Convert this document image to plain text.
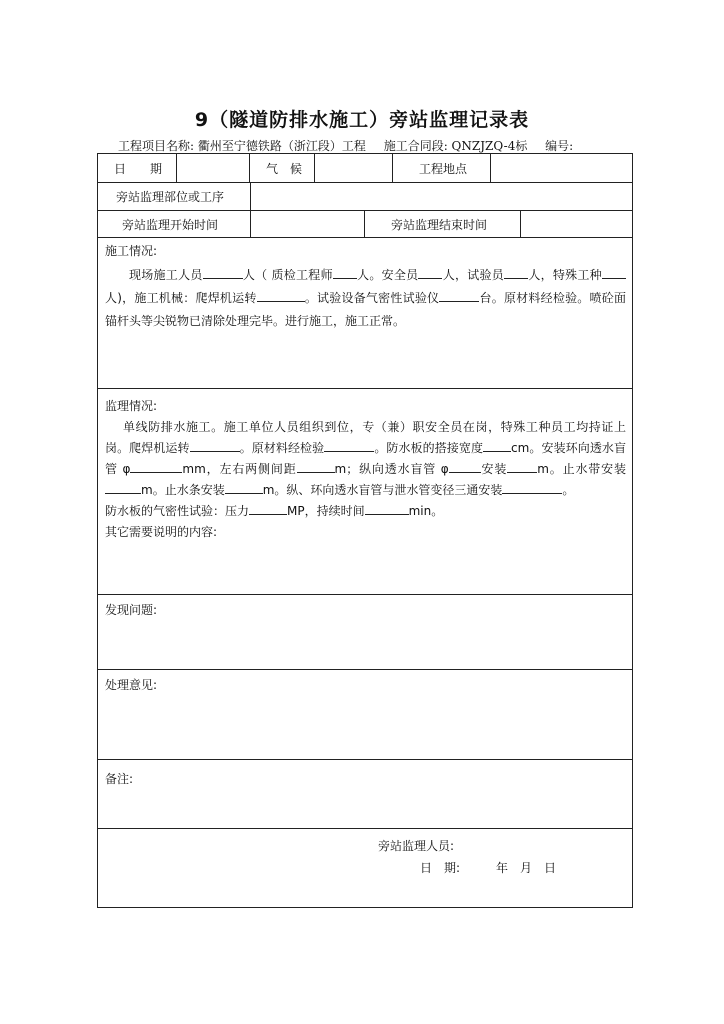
9（隧道防排水施工）旁站监理记录表
工程项目名称: 衢州至宁德铁路（浙江段）工程 施工合同段: QNZJZQ-4标 编号:
日　　期	气　候	工程地点
旁站监理部位或工序
旁站监理开始时间	旁站监理结束时间
施工情况:
现场施工人员	人（ 质检工程师 人。安全员 人，试验员 人，特殊工种人)，施工机械：爬焊机运转	。试验设备气密性试验仪	台。原材料经检验。喷砼面锚杆头等尖锐物已清除处理完毕。进行施工，施工正常。
监理情况:
单线防排水施工。施工单位人员组织到位，专（兼）职安全员在岗，特殊工种员工均持证上岗。爬焊机运转	。原材料经检验	。防水板的搭接宽度 cm。安装环向透水盲管 φ	mm，左右两侧间距	m；纵向透水盲管 φ	安装	m。止水带安装m。止水条安装	m。纵、环向透水盲管与泄水管变径三通安装	。
防水板的气密性试验：压力	MP，持续时间	min。
其它需要说明的内容:
发现问题:
处理意见:
备注:
旁站监理人员:
日　期:　　　年　月　日
